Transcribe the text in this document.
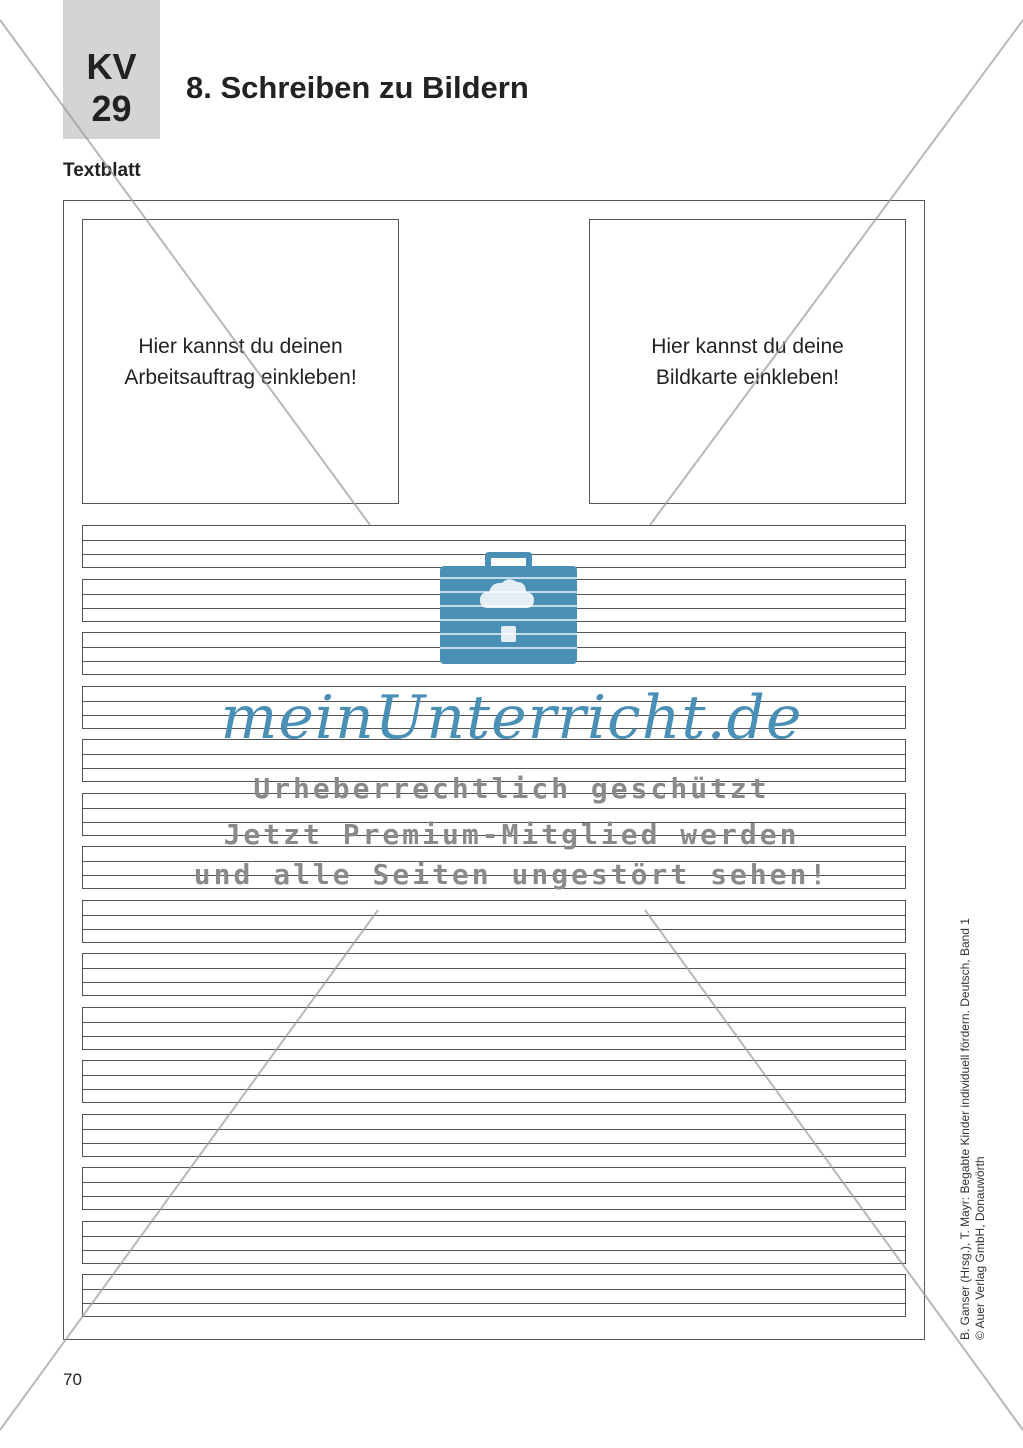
KV
29
8. Schreiben zu Bildern
Textblatt
Hier kannst du deinen
Arbeitsauftrag einkleben!
Hier kannst du deine
Bildkarte einkleben!
meinUnterricht.de
Urheberrechtlich geschützt
Jetzt Premium-Mitglied werden
und alle Seiten ungestört sehen!
B. Ganser (Hrsg.), T. Mayr: Begabte Kinder individuell fördern. Deutsch, Band 1 © Auer Verlag GmbH, Donauwörth
70
